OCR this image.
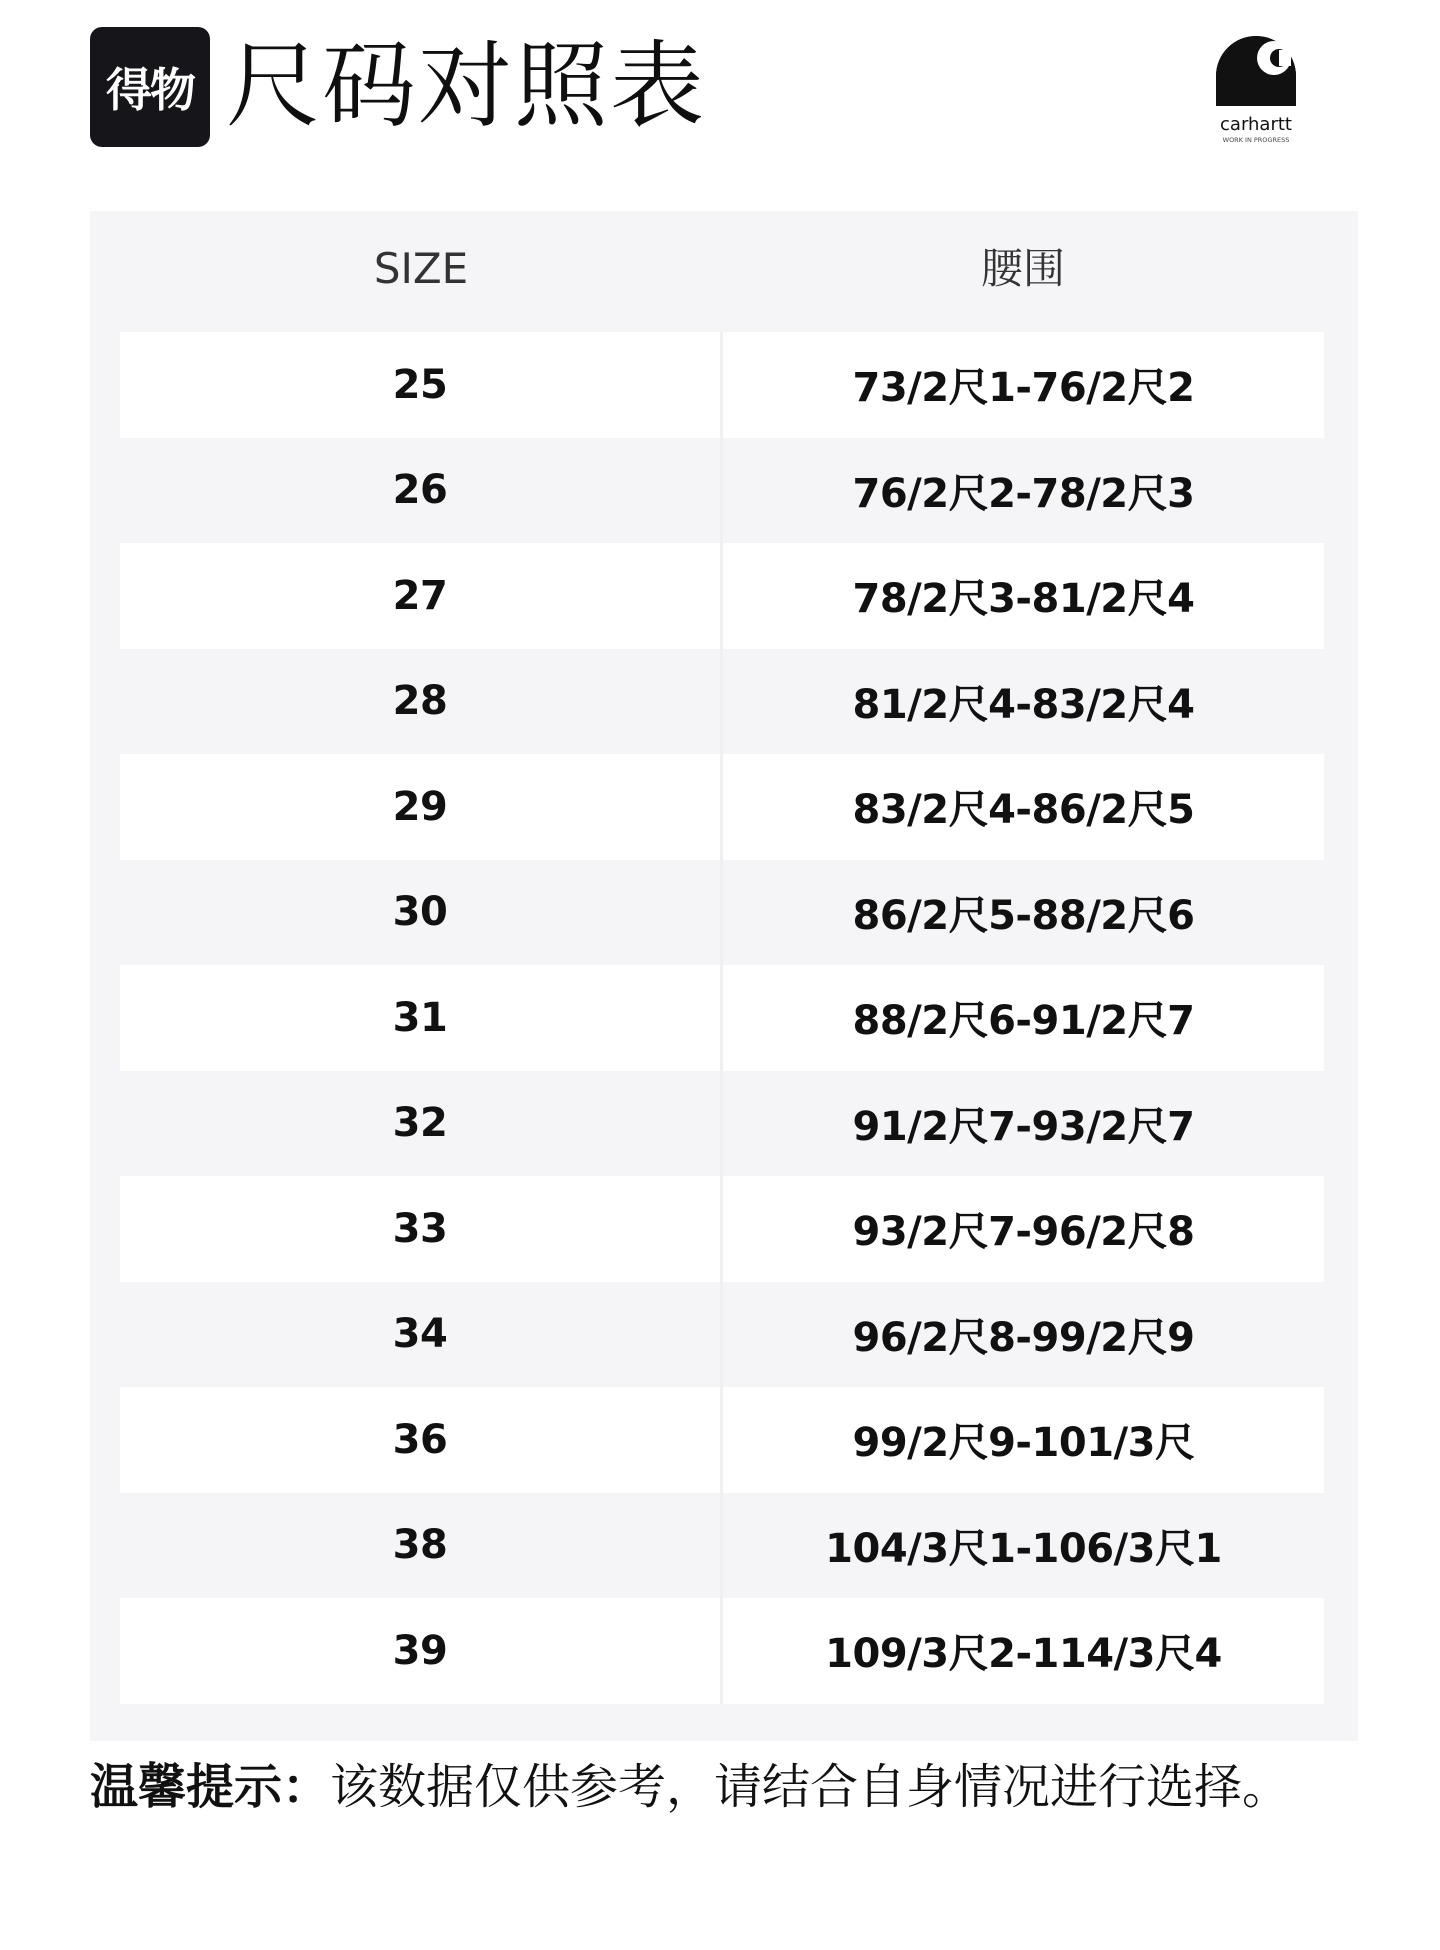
得物 尺码对照表	carhartt
WORK IN PROGRESS
SIZE	腰围
25	73/2尺1-76/2尺2
26	76/2尺2-78/2尺3
27	78/2尺3-81/2尺4
28	81/2尺4-83/2尺4
29	83/2尺4-86/2尺5
30	86/2尺5-88/2尺6
31	88/2尺6-91/2尺7
32	91/2尺7-93/2尺7
33	93/2尺7-96/2尺8
34	96/2尺8-99/2尺9
36	99/2尺9-101/3尺
38	104/3尺1-106/3尺1
39	109/3尺2-114/3尺4
温馨提示：该数据仅供参考，请结合自身情况进行选择。
